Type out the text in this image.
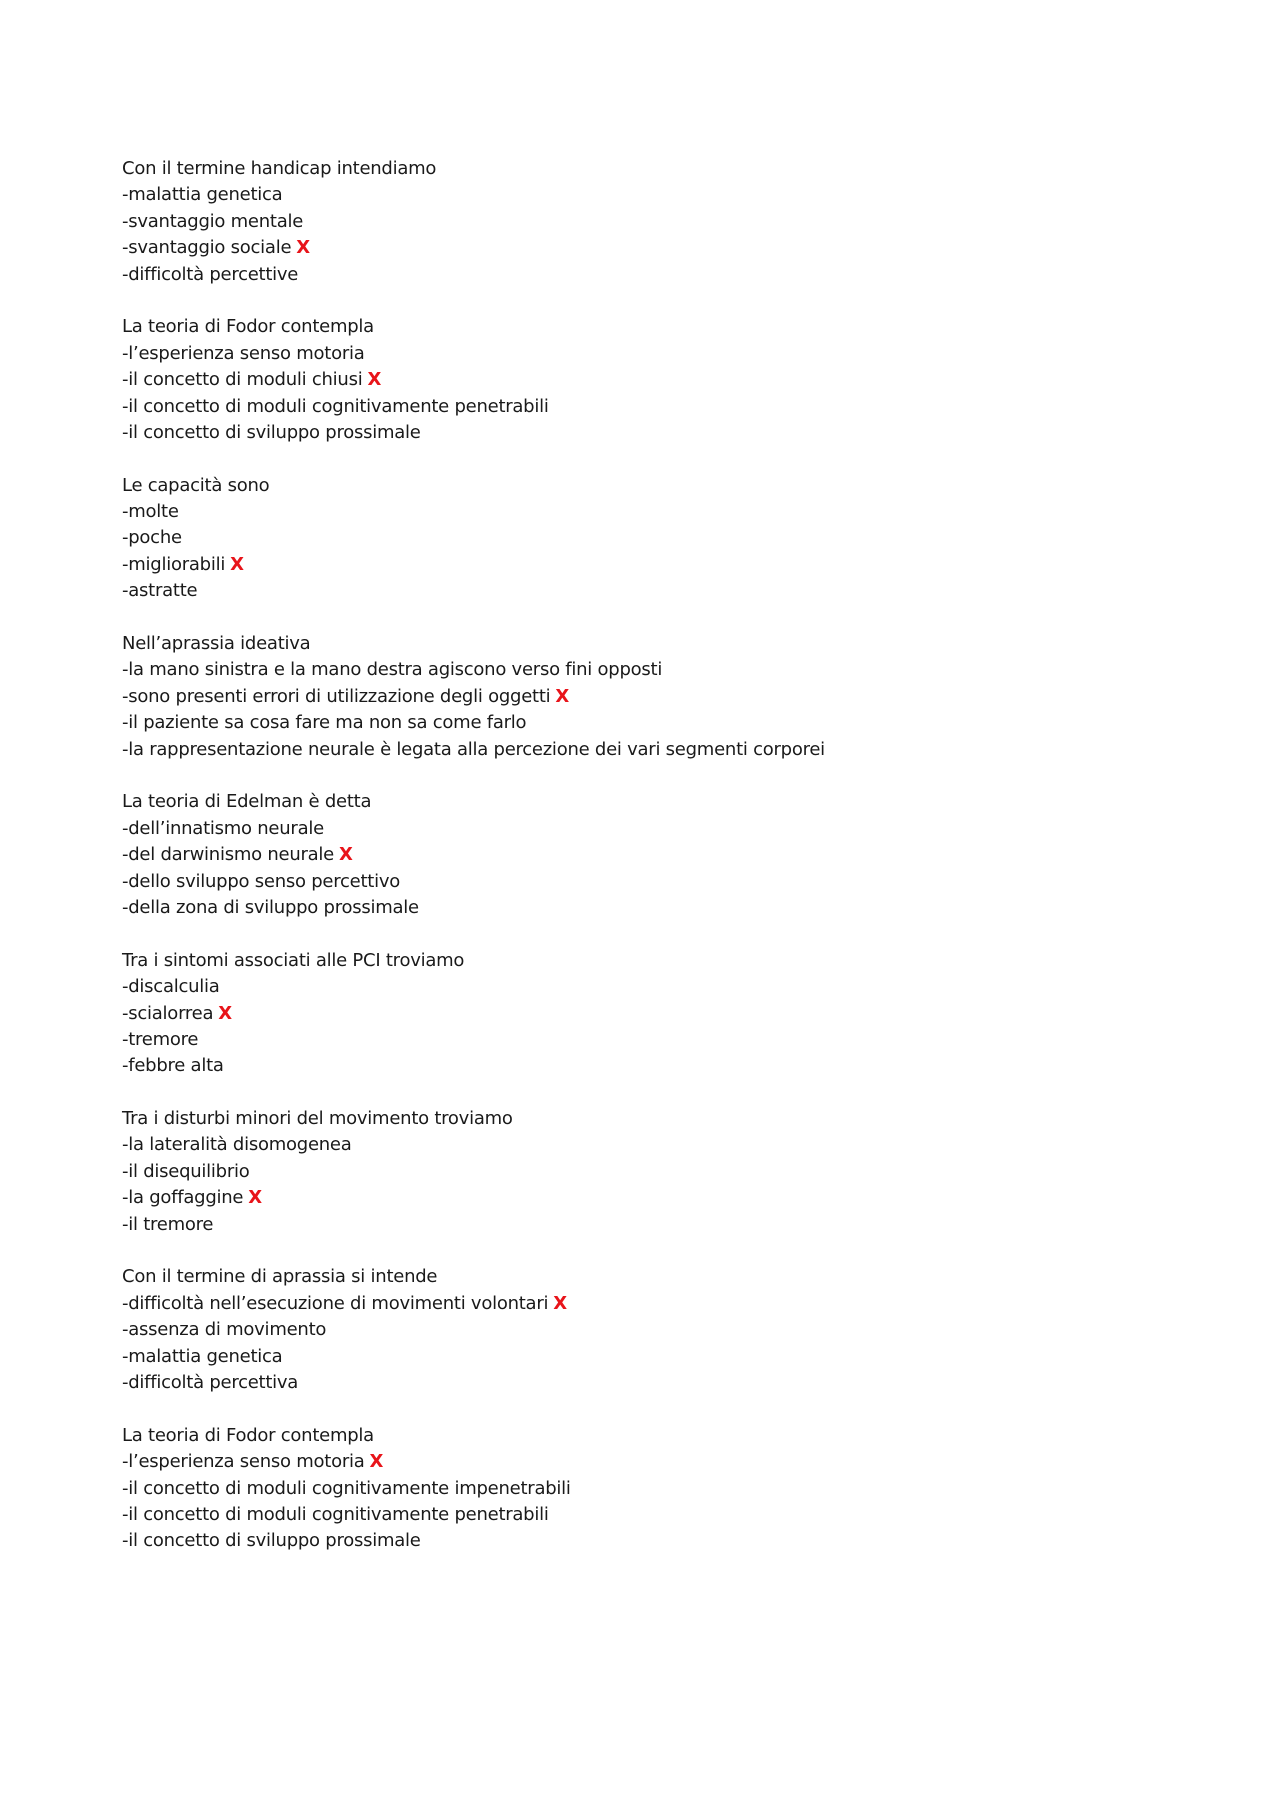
Con il termine handicap intendiamo
-malattia genetica
-svantaggio mentale
-svantaggio sociale X
-difficoltà percettive
La teoria di Fodor contempla
-l’esperienza senso motoria
-il concetto di moduli chiusi X
-il concetto di moduli cognitivamente penetrabili
-il concetto di sviluppo prossimale
Le capacità sono
-molte
-poche
-migliorabili X
-astratte
Nell’aprassia ideativa
-la mano sinistra e la mano destra agiscono verso fini opposti
-sono presenti errori di utilizzazione degli oggetti X
-il paziente sa cosa fare ma non sa come farlo
-la rappresentazione neurale è legata alla percezione dei vari segmenti corporei
La teoria di Edelman è detta
-dell’innatismo neurale
-del darwinismo neurale X
-dello sviluppo senso percettivo
-della zona di sviluppo prossimale
Tra i sintomi associati alle PCI troviamo
-discalculia
-scialorrea X
-tremore
-febbre alta
Tra i disturbi minori del movimento troviamo
-la lateralità disomogenea
-il disequilibrio
-la goffaggine X
-il tremore
Con il termine di aprassia si intende
-difficoltà nell’esecuzione di movimenti volontari X
-assenza di movimento
-malattia genetica
-difficoltà percettiva
La teoria di Fodor contempla
-l’esperienza senso motoria X
-il concetto di moduli cognitivamente impenetrabili
-il concetto di moduli cognitivamente penetrabili
-il concetto di sviluppo prossimale
